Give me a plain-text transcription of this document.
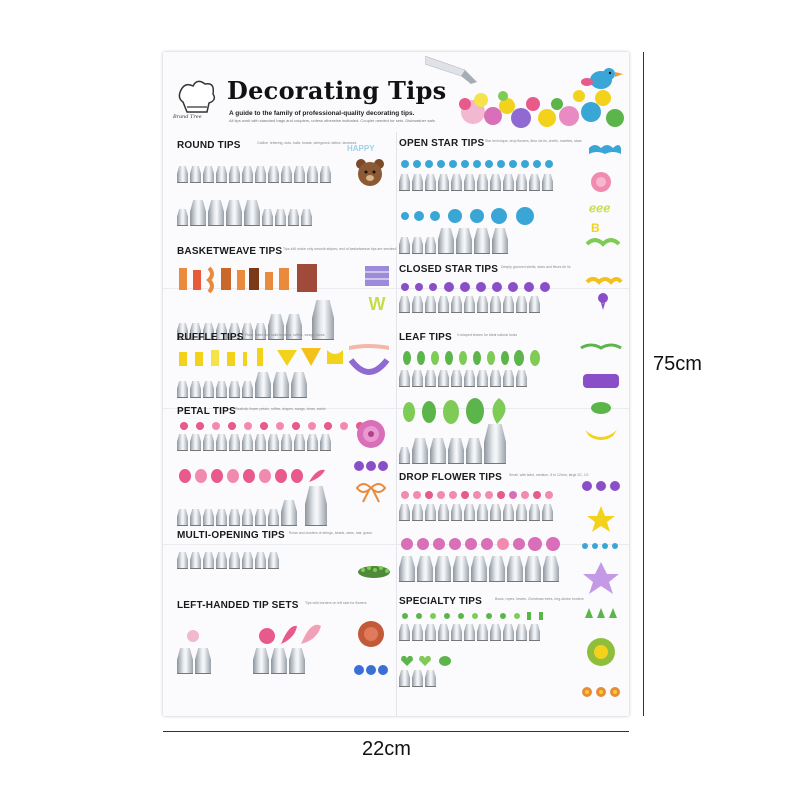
Brand Tree
Decorating Tips
A guide to the family of professional-quality decorating tips.
All tips work with standard bags and couplers, unless otherwise indicated. Coupler needed for sets. Dishwasher safe.
ROUND TIPS	Outline, lettering, dots, balls, beads, stringwork, lattice, lacework
HAPPY
BASKETWEAVE TIPS Tips #46 make only smooth stripes; rest of basketweave tips are serrated
W
RUFFLE TIPS Plain, fluted and solid borders, ruffles, swags, bows
PETAL TIPS Realistic flower petals, ruffles, drapes, swags, bows, swirls
MULTI-OPENING TIPS Rows and clusters of strings, beads, stars, hair, grass
LEFT-HANDED TIP SETS Tips with borders on left side for flowers
OPEN STAR TIPS Star technique, drop flowers, fleur-de-lis, shells, rosettes, stars
ℯℯℯ
B
CLOSED STAR TIPS Deeply grooved shells, stars and fleurs de lis
LEAF TIPS V-shaped leaves for ideal natural looks
DROP FLOWER TIPS Small, with twist, medium, 5 to 12mm, large 2C, 1G
SPECIALTY TIPS	Bows, ropes, hearts, Christmas trees, ring-stroke borders
75cm
22cm
